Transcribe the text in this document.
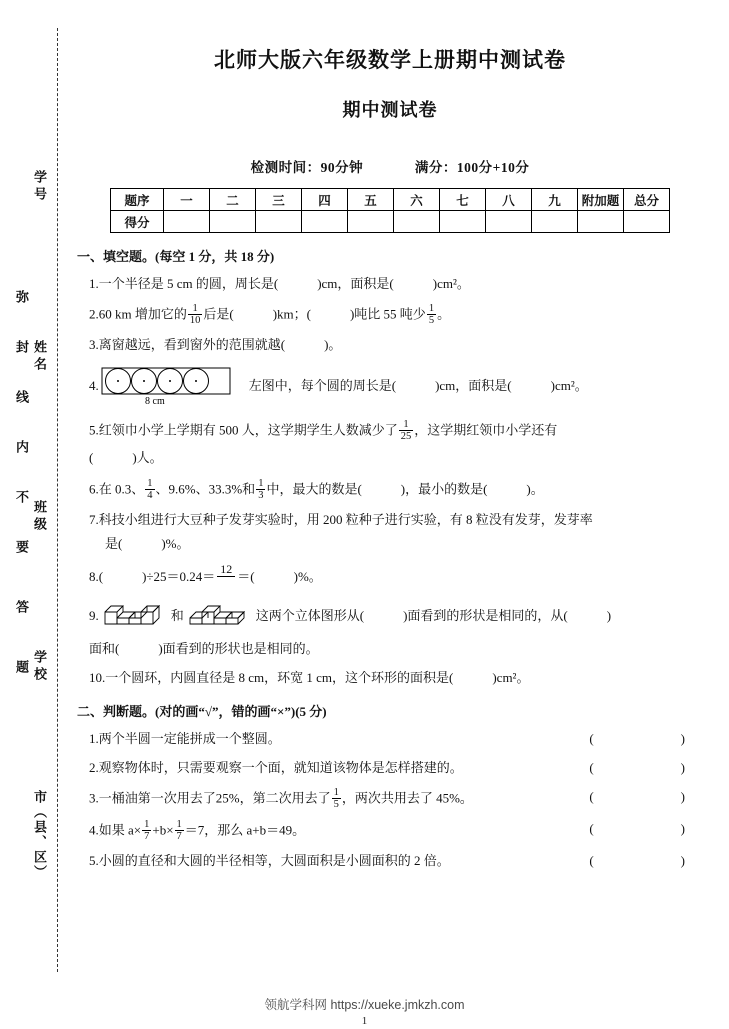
学号
弥
姓名
封
线
班级
内
不
要
答
学校
题
市（县、区）
北师大版六年级数学上册期中测试卷
期中测试卷
检测时间：90分钟	满分：100分+10分
题序	一	二	三	四	五	六	七	八	九	附加题	总分
得分											
一、填空题。(每空 1 分，共 18 分)
1.一个半径是 5 cm 的圆，周长是(　　　)cm，面积是(　　　)cm²。
2.60 km 增加它的 $\frac{1}{10}$ 后是(　　　)km；(　　　)吨比 55 吨少 $\frac{1}{5}$ 。
3.离窗越远，看到窗外的范围就越(　　　)。
4.
8 cm
左图中，每个圆的周长是(　　　)cm，面积是(　　　)cm²。
5.红领巾小学上学期有 500 人，这学期学生人数减少了 $\frac{1}{25}$ ，这学期红领巾小学还有
(　　　)人。
6.在 0.3、 $\frac{1}{4}$ 、9.6%、33.3%和 $\frac{1}{3}$ 中，最大的数是(　　　)，最小的数是(　　　)。
7.科技小组进行大豆种子发芽实验时，用 200 粒种子进行实验，有 8 粒没有发芽，发芽率
是(　　　)%。
8.(　　　)÷25＝0.24＝
12

＝(　　　)%。
9.	和	这两个立体图形从(　　　)面看到的形状是相同的，从(　　　)
面和(　　　)面看到的形状也是相同的。
10.一个圆环，内圆直径是 8 cm，环宽 1 cm，这个环形的面积是(　　　)cm²。
二、判断题。(对的画“√”，错的画“×”)(5 分)
1.两个半圆一定能拼成一个整圆。	(　　　)
2.观察物体时，只需要观察一个面，就知道该物体是怎样搭建的。	(　　　)
3.一桶油第一次用去了25%，第二次用去了 $\frac{1}{5}$ ，两次共用去了 45%。	(　　　)
4.如果 $a\times \frac{1}{7} +b\times \frac{1}{7} =7$，那么 a+b＝49。	(　　　)
5.小圆的直径和大圆的半径相等，大圆面积是小圆面积的 2 倍。	(　　　)
领航学科网 https://xueke.jmkzh.com
1
